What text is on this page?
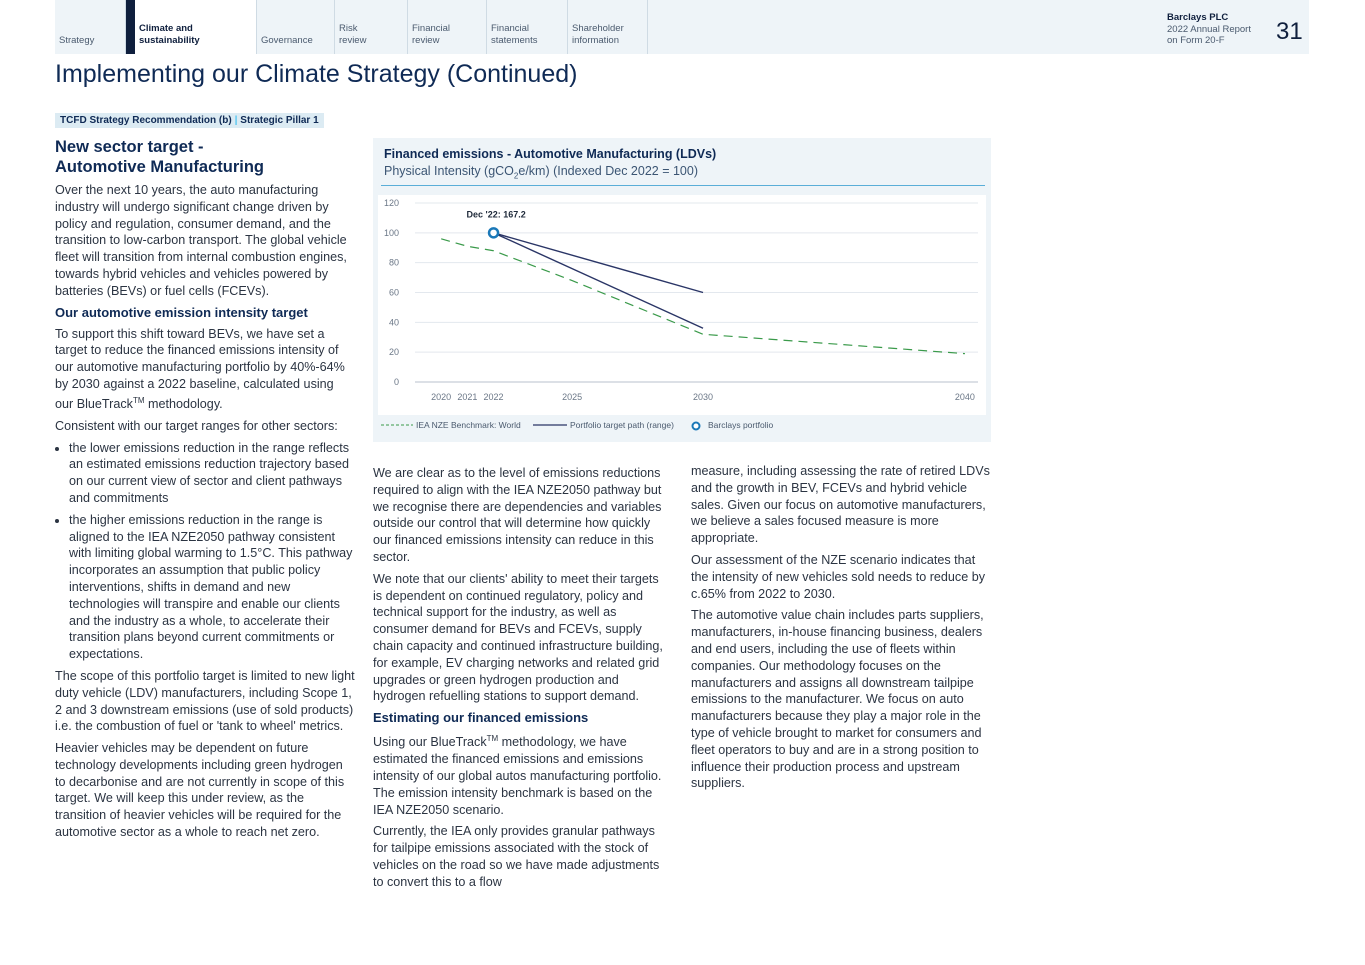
Strategy
Climate and
sustainability	Governance
Risk
review
Financial
review
Financial
statements
Shareholder
information
Barclays PLC
2022 Annual Report
on Form 20-F	31
Implementing our Climate Strategy (Continued)
TCFD Strategy Recommendation (b) | Strategic Pillar 1
New sector target -
Automotive Manufacturing

Over the next 10 years, the auto manufacturing industry will undergo significant change driven by policy and regulation, consumer demand, and the transition to low-carbon transport. The global vehicle fleet will transition from internal combustion engines, towards hybrid vehicles and vehicles powered by batteries (BEVs) or fuel cells (FCEVs).

Our automotive emission intensity target

To support this shift toward BEVs, we have set a target to reduce the financed emissions intensity of our automotive manufacturing portfolio by 40%-64% by 2030 against a 2022 baseline, calculated using our BlueTrack™ methodology.

Consistent with our target ranges for other sectors:

• the lower emissions reduction in the range reflects an estimated emissions reduction trajectory based on our current view of sector and client pathways and commitments
• the higher emissions reduction in the range is aligned to the IEA NZE2050 pathway consistent with limiting global warming to 1.5°C. This pathway incorporates an assumption that public policy interventions, shifts in demand and new technologies will transpire and enable our clients and the industry as a whole, to accelerate their transition plans beyond current commitments or expectations.

The scope of this portfolio target is limited to new light duty vehicle (LDV) manufacturers, including Scope 1, 2 and 3 downstream emissions (use of sold products) i.e. the combustion of fuel or 'tank to wheel' metrics.

Heavier vehicles may be dependent on future technology developments including green hydrogen to decarbonise and are not currently in scope of this target. We will keep this under review, as the transition of heavier vehicles will be required for the automotive sector as a whole to reach net zero.

Financed emissions - Automotive Manufacturing (LDVs)
Physical Intensity (gCO$_2$e/km) (Indexed Dec 2022 = 100)
0
20
40
60
80
100
120
2020 2021 2022	2025	2030	2040
Dec '22: 167.2
IEA NZE Benchmark: World	Portfolio target path (range)	Barclays portfolio

We are clear as to the level of emissions reductions required to align with the IEA NZE2050 pathway but we recognise there are dependencies and variables outside our control that will determine how quickly our financed emissions intensity can reduce in this sector.

We note that our clients' ability to meet their targets is dependent on continued regulatory, policy and technical support for the industry, as well as consumer demand for BEVs and FCEVs, supply chain capacity and continued infrastructure building, for example, EV charging networks and related grid upgrades or green hydrogen production and hydrogen refuelling stations to support demand.

Estimating our financed emissions

Using our BlueTrack™ methodology, we have estimated the financed emissions and emissions intensity of our global autos manufacturing portfolio. The emission intensity benchmark is based on the IEA NZE2050 scenario.

Currently, the IEA only provides granular pathways for tailpipe emissions associated with the stock of vehicles on the road so we have made adjustments to convert this to a flow

measure, including assessing the rate of retired LDVs and the growth in BEV, FCEVs and hybrid vehicle sales. Given our focus on automotive manufacturers, we believe a sales focused measure is more appropriate.

Our assessment of the NZE scenario indicates that the intensity of new vehicles sold needs to reduce by c.65% from 2022 to 2030.

The automotive value chain includes parts suppliers, manufacturers, in-house financing business, dealers and end users, including the use of fleets within companies. Our methodology focuses on the manufacturers and assigns all downstream tailpipe emissions to the manufacturer. We focus on auto manufacturers because they play a major role in the type of vehicle brought to market for consumers and fleet operators to buy and are in a strong position to influence their production process and upstream suppliers.
